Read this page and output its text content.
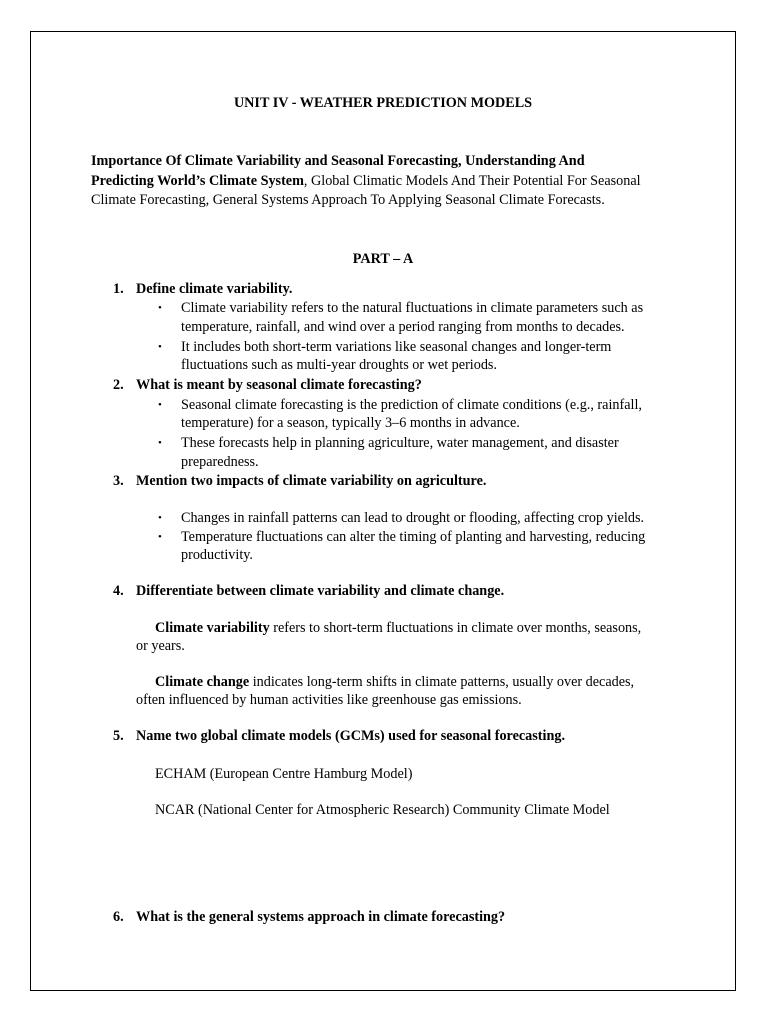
UNIT IV - WEATHER PREDICTION MODELS
Importance Of Climate Variability and Seasonal Forecasting, Understanding And
Predicting World’s Climate System, Global Climatic Models And Their Potential For Seasonal
Climate Forecasting, General Systems Approach To Applying Seasonal Climate Forecasts.
PART – A
1. Define climate variability.
• Climate variability refers to the natural fluctuations in climate parameters such as
temperature, rainfall, and wind over a period ranging from months to decades.
• It includes both short-term variations like seasonal changes and longer-term
fluctuations such as multi-year droughts or wet periods.
2. What is meant by seasonal climate forecasting?
• Seasonal climate forecasting is the prediction of climate conditions (e.g., rainfall,
temperature) for a season, typically 3–6 months in advance.
• These forecasts help in planning agriculture, water management, and disaster
preparedness.
3. Mention two impacts of climate variability on agriculture.
• Changes in rainfall patterns can lead to drought or flooding, affecting crop yields.
• Temperature fluctuations can alter the timing of planting and harvesting, reducing
productivity.
4. Differentiate between climate variability and climate change.
Climate variability refers to short-term fluctuations in climate over months, seasons,
or years.
Climate change indicates long-term shifts in climate patterns, usually over decades,
often influenced by human activities like greenhouse gas emissions.
5. Name two global climate models (GCMs) used for seasonal forecasting.
ECHAM (European Centre Hamburg Model)
NCAR (National Center for Atmospheric Research) Community Climate Model
6. What is the general systems approach in climate forecasting?
